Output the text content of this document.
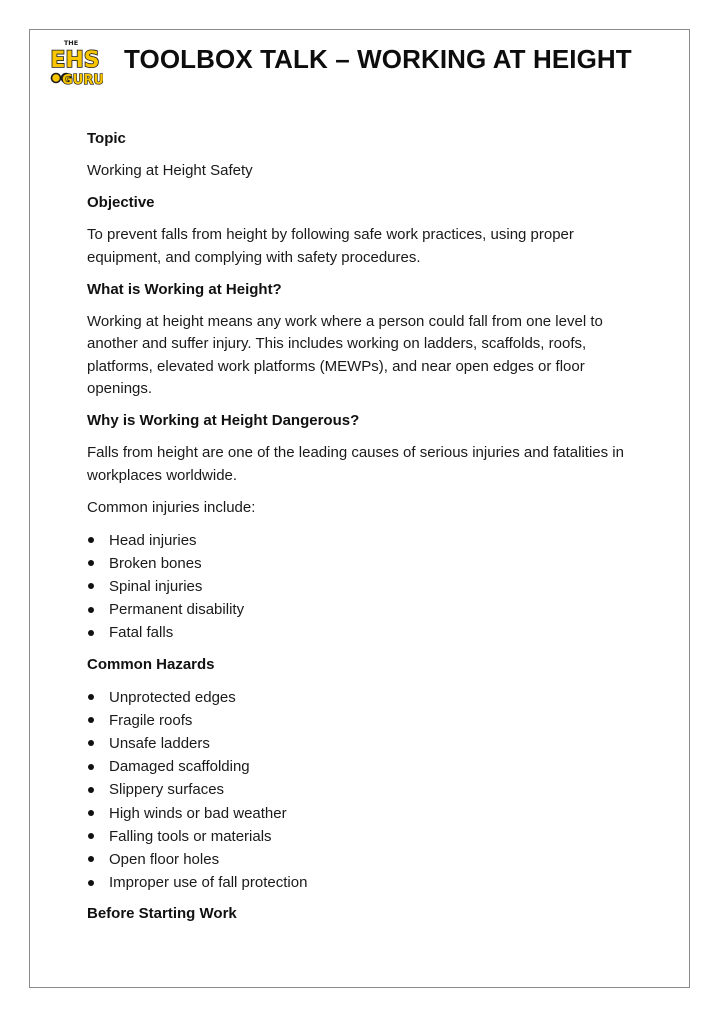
THE
EHS
GURU
TOOLBOX TALK – WORKING AT HEIGHT

Topic

Working at Height Safety

Objective

To prevent falls from height by following safe work practices, using proper equipment, and complying with safety procedures.

What is Working at Height?

Working at height means any work where a person could fall from one level to another and suffer injury. This includes working on ladders, scaffolds, roofs, platforms, elevated work platforms (MEWPs), and near open edges or floor openings.

Why is Working at Height Dangerous?

Falls from height are one of the leading causes of serious injuries and fatalities in workplaces worldwide.

Common injuries include:

Head injuries
Broken bones
Spinal injuries
Permanent disability
Fatal falls

Common Hazards

Unprotected edges
Fragile roofs
Unsafe ladders
Damaged scaffolding
Slippery surfaces
High winds or bad weather
Falling tools or materials
Open floor holes
Improper use of fall protection

Before Starting Work
